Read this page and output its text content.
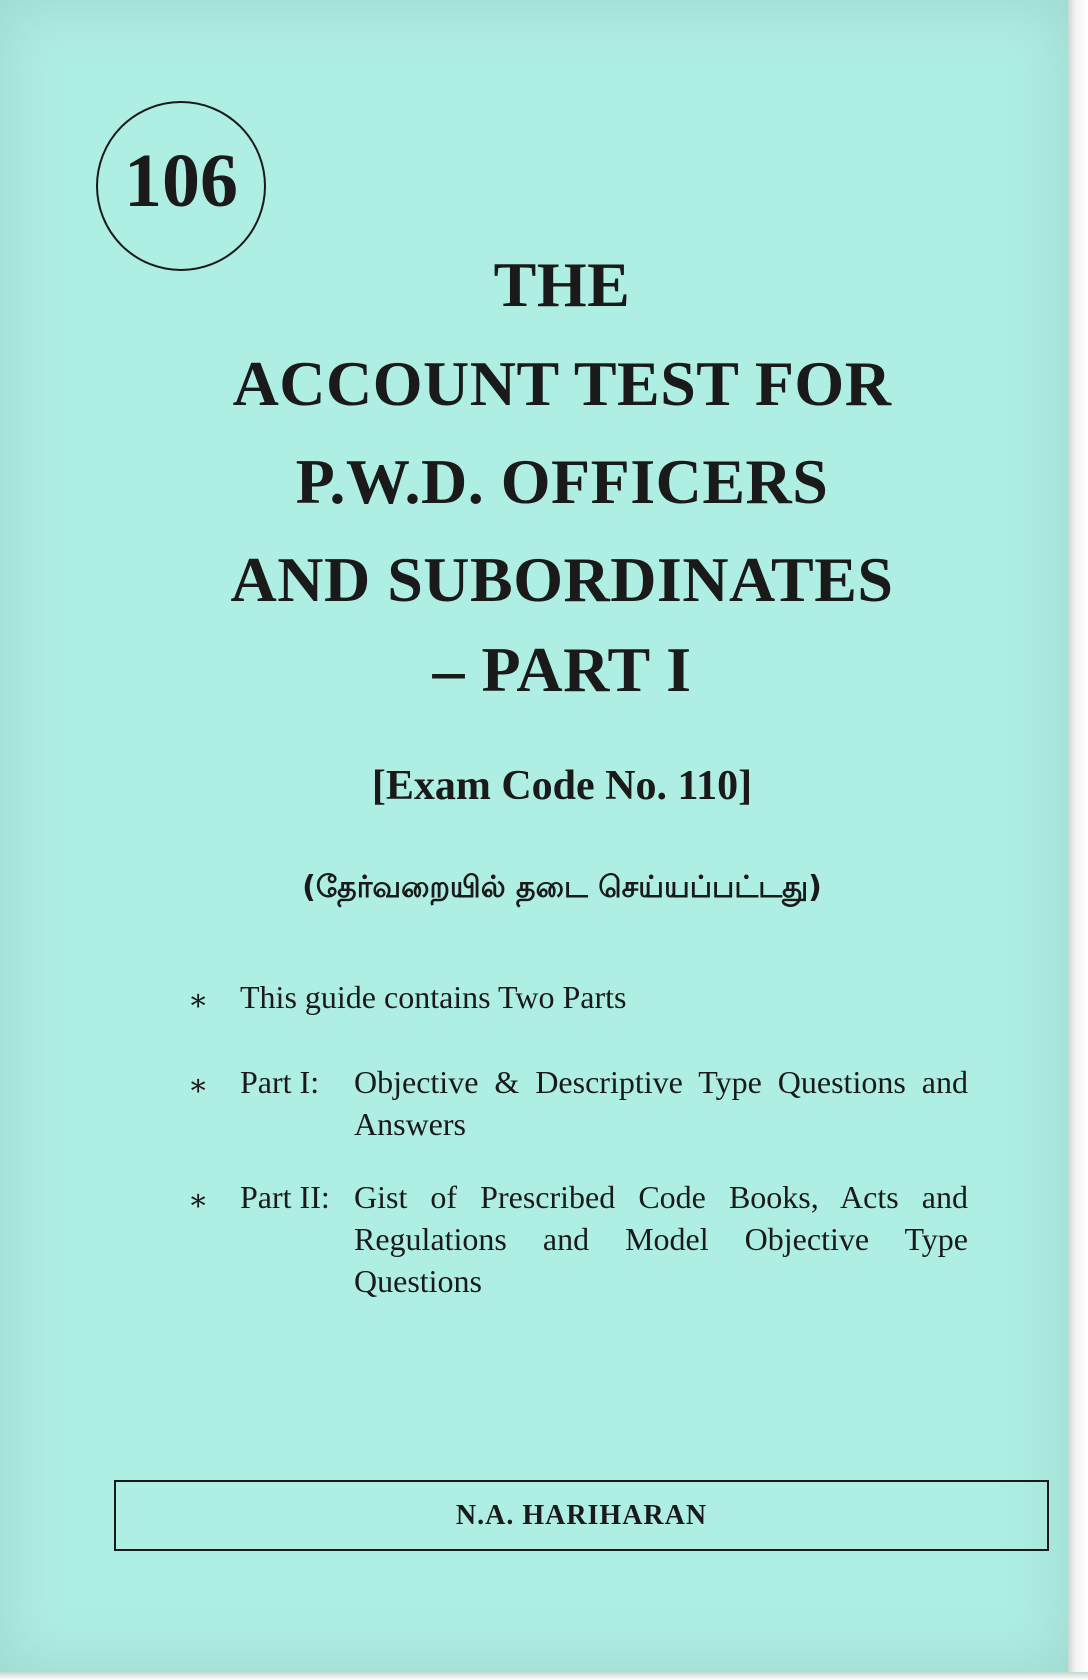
106
THE
ACCOUNT TEST FOR
P.W.D. OFFICERS
AND SUBORDINATES
– PART I
[Exam Code No. 110]
(தேர்வறையில் தடை செய்யப்பட்டது)
∗ This guide contains Two Parts
∗ Part I: Objective & Descriptive Type Questions and Answers
∗ Part II: Gist of Prescribed Code Books, Acts and Regulations and Model Objective Type Questions
N.A. HARIHARAN
